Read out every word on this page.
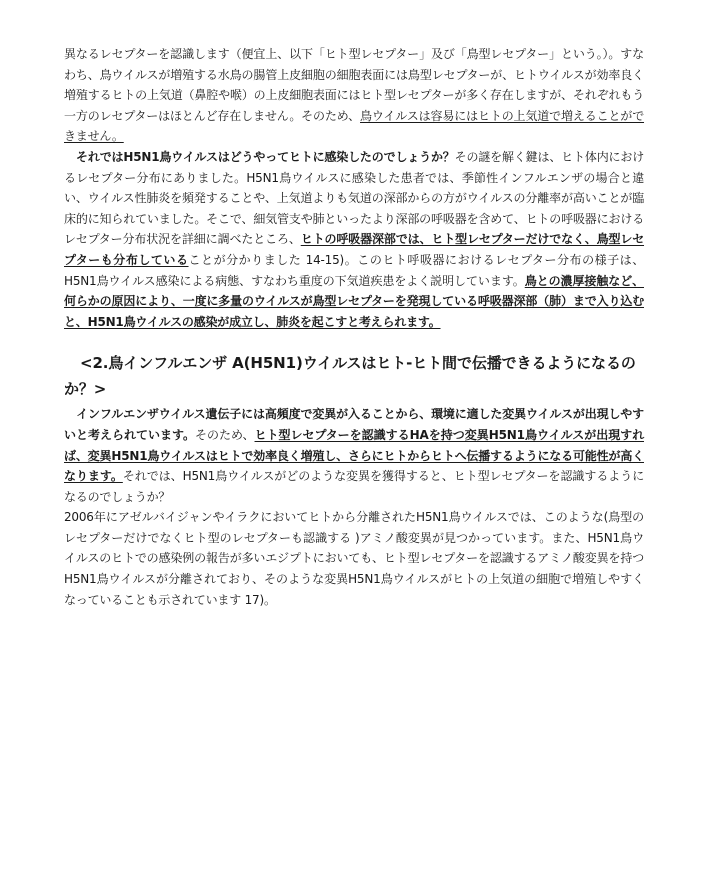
異なるレセプターを認識します（便宜上、以下「ヒト型レセプター」及び「鳥型レセプター」という。）。すなわち、鳥ウイルスが増殖する水鳥の腸管上皮細胞の細胞表面には鳥型レセプターが、ヒトウイルスが効率良く増殖するヒトの上気道（鼻腔や喉）の上皮細胞表面にはヒト型レセプターが多く存在しますが、それぞれもう一方のレセプターはほとんど存在しません。そのため、鳥ウイルスは容易にはヒトの上気道で増えることができません。

それではH5N1鳥ウイルスはどうやってヒトに感染したのでしょうか？その謎を解く鍵は、ヒト体内におけるレセプター分布にありました。H5N1鳥ウイルスに感染した患者では、季節性インフルエンザの場合と違い、ウイルス性肺炎を頻発することや、上気道よりも気道の深部からの方がウイルスの分離率が高いことが臨床的に知られていました。そこで、細気管支や肺といったより深部の呼吸器を含めて、ヒトの呼吸器におけるレセプター分布状況を詳細に調べたところ、ヒトの呼吸器深部では、ヒト型レセプターだけでなく、鳥型レセプターも分布していることが分かりました 14-15)。このヒト呼吸器におけるレセプター分布の様子は、H5N1鳥ウイルス感染による病態、すなわち重度の下気道疾患をよく説明しています。鳥との濃厚接触など、何らかの原因により、一度に多量のウイルスが鳥型レセプターを発現している呼吸器深部（肺）まで入り込むと、H5N1鳥ウイルスの感染が成立し、肺炎を起こすと考えられます。

<2.鳥インフルエンザ A(H5N1)ウイルスはヒト-ヒト間で伝播できるようになるのか？>

インフルエンザウイルス遺伝子には高頻度で変異が入ることから、環境に適した変異ウイルスが出現しやすいと考えられています。そのため、ヒト型レセプターを認識するHAを持つ変異H5N1鳥ウイルスが出現すれば、変異H5N1鳥ウイルスはヒトで効率良く増殖し、さらにヒトからヒトへ伝播するようになる可能性が高くなります。それでは、H5N1鳥ウイルスがどのような変異を獲得すると、ヒト型レセプターを認識するようになるのでしょうか？

2006年にアゼルバイジャンやイラクにおいてヒトから分離されたH5N1鳥ウイルスでは、このような(鳥型のレセプターだけでなくヒト型のレセプターも認識する )アミノ酸変異が見つかっています。また、H5N1鳥ウイルスのヒトでの感染例の報告が多いエジプトにおいても、ヒト型レセプターを認識するアミノ酸変異を持つH5N1鳥ウイルスが分離されており、そのような変異H5N1鳥ウイルスがヒトの上気道の細胞で増殖しやすくなっていることも示されています 17)。
